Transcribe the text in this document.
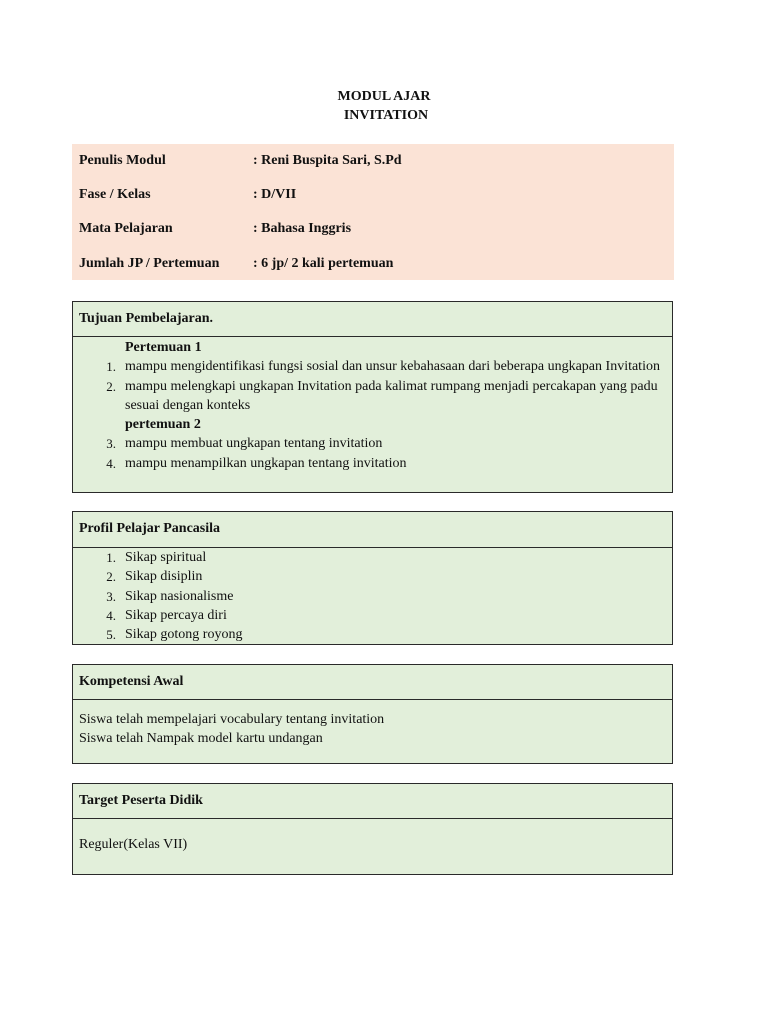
MODUL AJAR
INVITATION
Penulis Modul	: Reni Buspita Sari, S.Pd
Fase / Kelas	: D/VII
Mata Pelajaran	: Bahasa Inggris
Jumlah JP / Pertemuan : 6 jp/ 2 kali pertemuan
Tujuan Pembelajaran.
Pertemuan 1
1. mampu mengidentifikasi fungsi sosial dan unsur kebahasaan dari beberapa ungkapan Invitation
2. mampu melengkapi ungkapan Invitation pada kalimat rumpang menjadi percakapan yang padu sesuai dengan konteks
pertemuan 2
3. mampu membuat ungkapan tentang invitation
4. mampu menampilkan ungkapan tentang invitation
Profil Pelajar Pancasila
1. Sikap spiritual
2. Sikap disiplin
3. Sikap nasionalisme
4. Sikap percaya diri
5. Sikap gotong royong
Kompetensi Awal
Siswa telah mempelajari vocabulary tentang invitation
Siswa telah Nampak model kartu undangan
Target Peserta Didik
Reguler(Kelas VII)
